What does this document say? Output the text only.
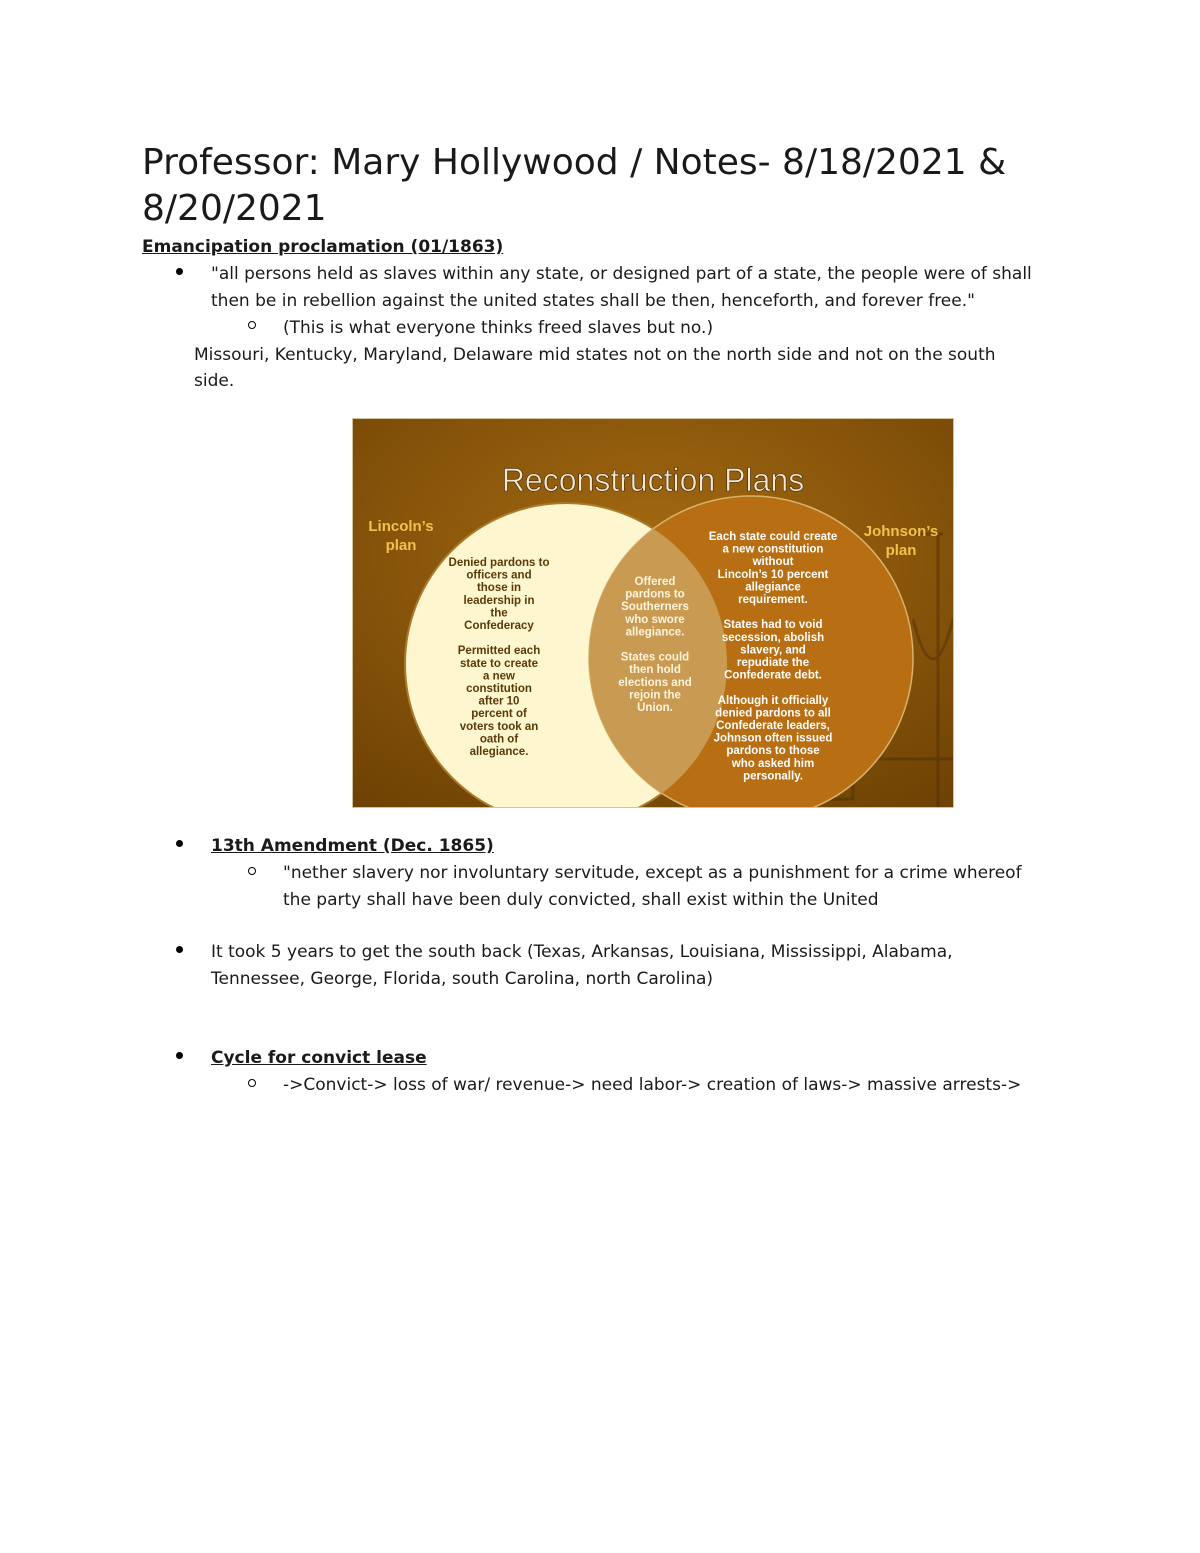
Professor: Mary Hollywood / Notes- 8/18/2021 & 8/20/2021
Emancipation proclamation (01/1863)
"all persons held as slaves within any state, or designed part of a state, the people were of shall
then be in rebellion against the united states shall be then, henceforth, and forever free."
(This is what everyone thinks freed slaves but no.)
Missouri, Kentucky, Maryland, Delaware mid states not on the north side and not on the south
side.
Reconstruction Plans
Lincoln’s
plan
Johnson’s
plan
Denied pardons to
officers and
those in
leadership in
the
Confederacy
Permitted each
state to create
a new
constitution
after 10
percent of
voters took an
oath of
allegiance.
Offered
pardons to
Southerners
who swore
allegiance.
States could
then hold
elections and
rejoin the
Union.
Each state could create
a new constitution
without
Lincoln’s 10 percent
allegiance
requirement.
States had to void
secession, abolish
slavery, and
repudiate the
Confederate debt.
Although it officially
denied pardons to all
Confederate leaders,
Johnson often issued
pardons to those
who asked him
personally.
13th Amendment (Dec. 1865)
"nether slavery nor involuntary servitude, except as a punishment for a crime whereof
the party shall have been duly convicted, shall exist within the United
It took 5 years to get the south back (Texas, Arkansas, Louisiana, Mississippi, Alabama,
Tennessee, George, Florida, south Carolina, north Carolina)
Cycle for convict lease
->Convict-> loss of war/ revenue-> need labor-> creation of laws-> massive arrests->
